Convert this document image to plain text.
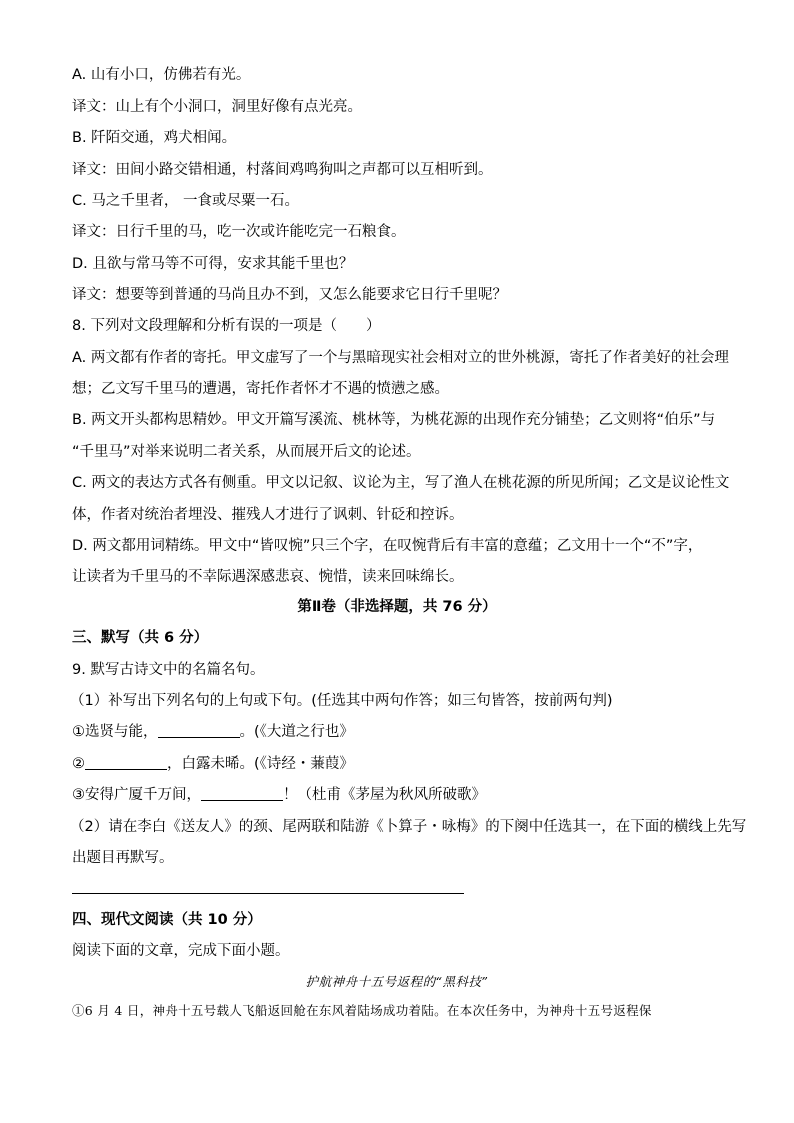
A. 山有小口，仿佛若有光。
译文：山上有个小洞口，洞里好像有点光亮。
B. 阡陌交通，鸡犬相闻。
译文：田间小路交错相通，村落间鸡鸣狗叫之声都可以互相听到。
C. 马之千里者， 一食或尽粟一石。
译文：日行千里的马，吃一次或许能吃完一石粮食。
D. 且欲与常马等不可得，安求其能千里也？
译文：想要等到普通的马尚且办不到，又怎么能要求它日行千里呢？
8. 下列对文段理解和分析有误的一项是（　　）
A. 两文都有作者的寄托。甲文虚写了一个与黑暗现实社会相对立的世外桃源，寄托了作者美好的社会理
想；乙文写千里马的遭遇，寄托作者怀才不遇的愤懑之感。
B. 两文开头都构思精妙。甲文开篇写溪流、桃林等，为桃花源的出现作充分铺垫；乙文则将“伯乐”与
“千里马”对举来说明二者关系，从而展开后文的论述。
C. 两文的表达方式各有侧重。甲文以记叙、议论为主，写了渔人在桃花源的所见所闻；乙文是议论性文
体，作者对统治者埋没、摧残人才进行了讽刺、针砭和控诉。
D. 两文都用词精练。甲文中“皆叹惋”只三个字，在叹惋背后有丰富的意蕴；乙文用十一个“不”字，
让读者为千里马的不幸际遇深感悲哀、惋惜，读来回味绵长。
第Ⅱ卷（非选择题，共 76 分）
三、默写（共 6 分）
9. 默写古诗文中的名篇名句。
（1）补写出下列名句的上句或下句。(任选其中两句作答；如三句皆答，按前两句判)
①选贤与能，	。(《大道之行也》
②	，白露未晞。(《诗经・蒹葭》
③安得广厦千万间，	！（杜甫《茅屋为秋风所破歌》
（2）请在李白《送友人》的颈、尾两联和陆游《卜算子・咏梅》的下阕中任选其一，在下面的横线上先写
出题目再默写。
四、现代文阅读（共 10 分）
阅读下面的文章，完成下面小题。
护航神舟十五号返程的“黑科技”
①6 月 4 日，神舟十五号载人飞船返回舱在东风着陆场成功着陆。在本次任务中，为神舟十五号返程保
